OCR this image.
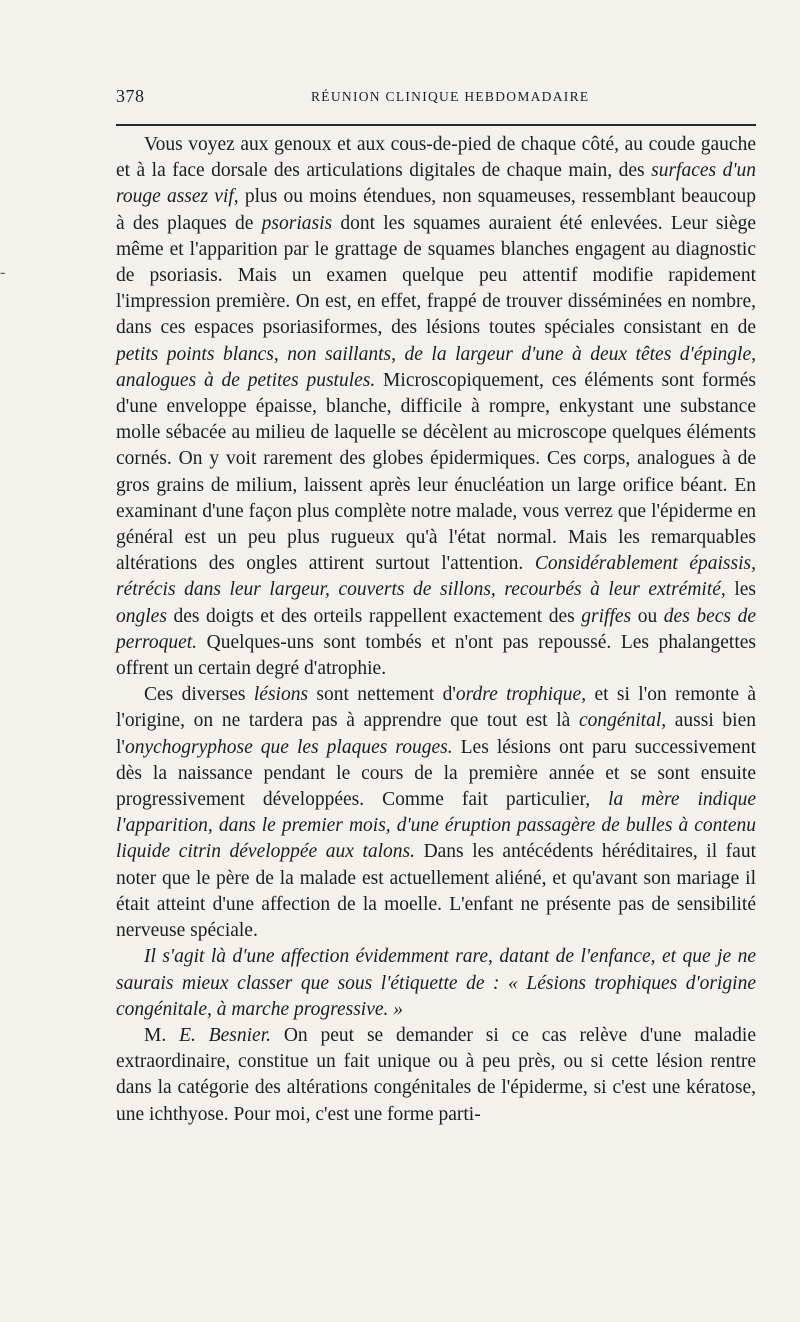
378	RÉUNION CLINIQUE HEBDOMADAIRE
-

Vous voyez aux genoux et aux cous-de-pied de chaque côté, au coude gauche et à la face dorsale des articulations digitales de chaque main, des surfaces d'un rouge assez vif, plus ou moins étendues, non squameuses, ressemblant beaucoup à des plaques de psoriasis dont les squames auraient été enlevées. Leur siège même et l'apparition par le grattage de squames blanches engagent au diagnostic de psoriasis. Mais un examen quelque peu attentif modifie rapidement l'impression première. On est, en effet, frappé de trouver disséminées en nombre, dans ces espaces psoriasiformes, des lésions toutes spéciales consistant en de petits points blancs, non saillants, de la largeur d'une à deux têtes d'épingle, analogues à de petites pustules. Microscopiquement, ces éléments sont formés d'une enveloppe épaisse, blanche, difficile à rompre, enkystant une substance molle sébacée au milieu de laquelle se décèlent au microscope quelques éléments cornés. On y voit rarement des globes épidermiques. Ces corps, analogues à de gros grains de milium, laissent après leur énucléation un large orifice béant. En examinant d'une façon plus complète notre malade, vous verrez que l'épiderme en général est un peu plus rugueux qu'à l'état normal. Mais les remarquables altérations des ongles attirent surtout l'attention. Considérablement épaissis, rétrécis dans leur largeur, couverts de sillons, recourbés à leur extrémité, les ongles des doigts et des orteils rappellent exactement des griffes ou des becs de perroquet. Quelques-uns sont tombés et n'ont pas repoussé. Les phalangettes offrent un certain degré d'atrophie.

Ces diverses lésions sont nettement d'ordre trophique, et si l'on remonte à l'origine, on ne tardera pas à apprendre que tout est là congénital, aussi bien l'onychogryphose que les plaques rouges. Les lésions ont paru successivement dès la naissance pendant le cours de la première année et se sont ensuite progressivement développées. Comme fait particulier, la mère indique l'apparition, dans le premier mois, d'une éruption passagère de bulles à contenu liquide citrin développée aux talons. Dans les antécédents héréditaires, il faut noter que le père de la malade est actuellement aliéné, et qu'avant son mariage il était atteint d'une affection de la moelle. L'enfant ne présente pas de sensibilité nerveuse spéciale.

Il s'agit là d'une affection évidemment rare, datant de l'enfance, et que je ne saurais mieux classer que sous l'étiquette de : « Lésions trophiques d'origine congénitale, à marche progressive. »

M. E. Besnier. On peut se demander si ce cas relève d'une maladie extraordinaire, constitue un fait unique ou à peu près, ou si cette lésion rentre dans la catégorie des altérations congénitales de l'épiderme, si c'est une kératose, une ichthyose. Pour moi, c'est une forme parti-
